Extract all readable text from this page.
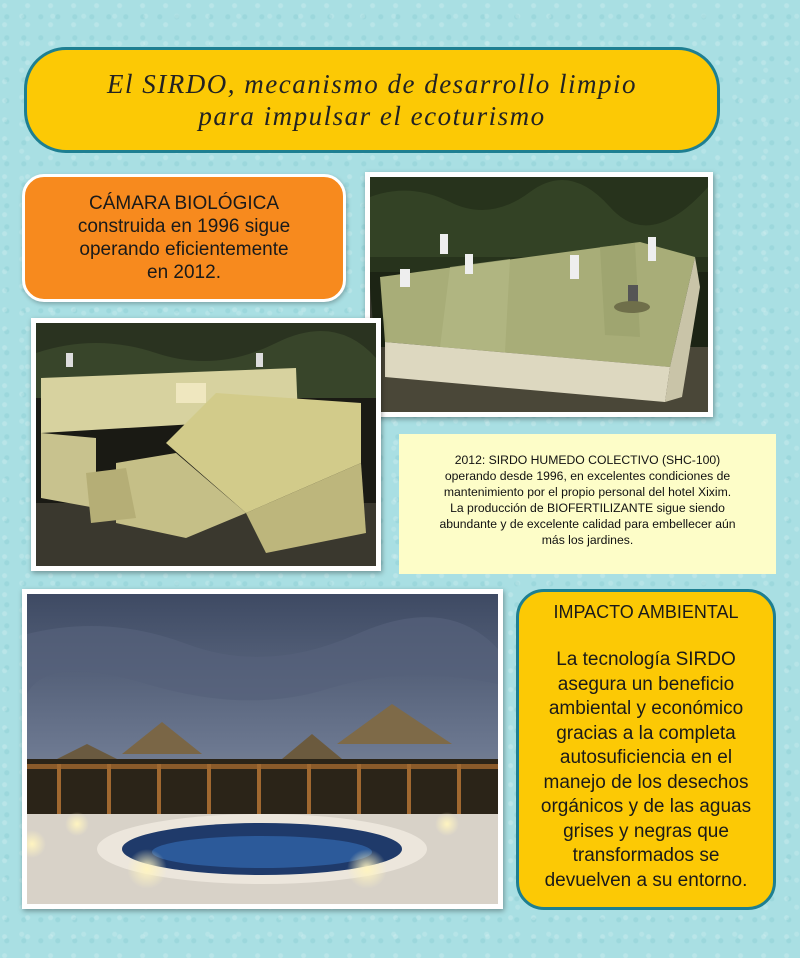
El SIRDO, mecanismo de desarrollo limpio
para impulsar el ecoturismo
CÁMARA BIOLÓGICA
construida en 1996 sigue
operando eficientemente
en 2012.
2012: SIRDO HUMEDO COLECTIVO (SHC-100)
operando desde 1996, en excelentes condiciones de
mantenimiento por el propio personal del hotel Xixim.
La producción de BIOFERTILIZANTE sigue siendo
abundante y de excelente calidad para embellecer aún
más los jardines.
IMPACTO AMBIENTAL
La tecnología SIRDO
asegura un beneficio
ambiental y económico
gracias a la completa
autosuficiencia en el
manejo de los desechos
orgánicos y de las aguas
grises y negras que
transformados se
devuelven a su entorno.
